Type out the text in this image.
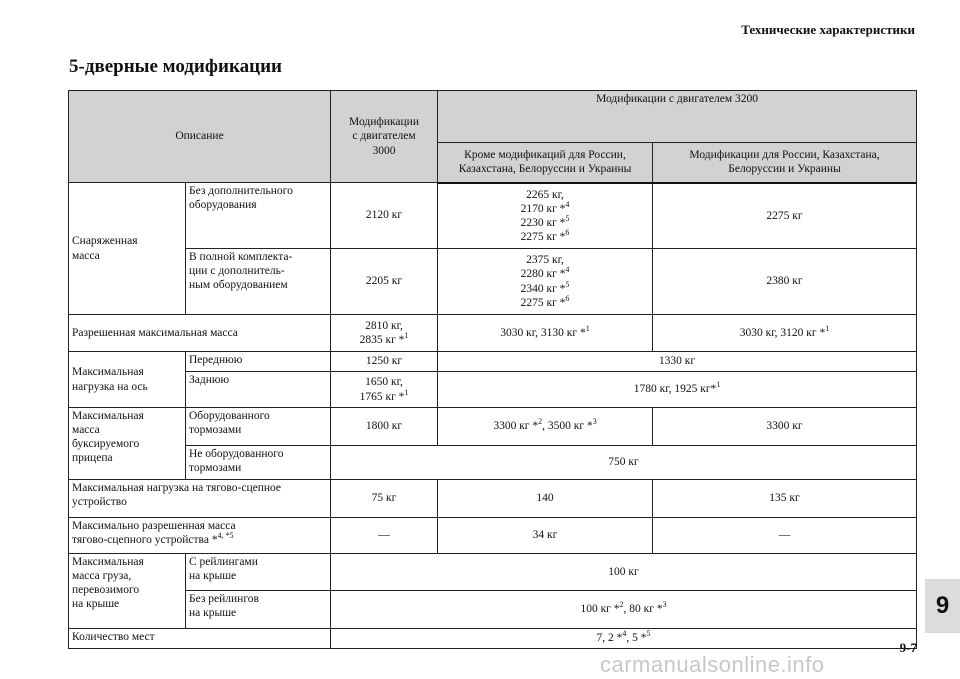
Технические характеристики
5-дверные модификации
Описание		Модификации
с двигателем
3000	Модификации с двигателем 3200	

			Кроме модификаций для России,
Казахстана, Белоруссии и Украины	Модификации для России, Казахстана,
Белоруссии и Украины

Снаряженная
масса	Без дополнительного
оборудования	2120 кг	2265 кг,
2170 кг *$^4$
2230 кг *$^5$
2275 кг *$^6$	2275 кг

	В полной комплекта-
ции с дополнитель-
ным оборудованием	2205 кг	2375 кг,
2280 кг *$^4$
2340 кг *$^5$
2275 кг *$^6$	2380 кг
Разрешенная максимальная масса		2810 кг,
2835 кг *$^1$	3030 кг, 3130 кг *$^1$	3030 кг, 3120 кг *$^1$

Максимальная
нагрузка на ось	Переднюю	1250 кг	1330 кг	
	Заднюю	1650 кг,
1765 кг *$^1$	1780 кг, 1925 кг*$^1$

Максимальная
масса
буксируемого
прицепа	Оборудованного
тормозами	1800 кг	3300 кг *$^2$, 3500 кг *$^3$	3300 кг

	Не оборудованного
тормозами	750 кг		

Максимальная нагрузка на тягово-сцепное
устройство		75 кг	140	135 кг

Максимально разрешенная масса
тягово-сцепного устройства *$^{4, *5}$		—	34 кг	—

Максимальная
масса груза,
перевозимого
на крыше	С рейлингами
на крыше	100 кг		

	Без рейлингов
на крыше	100 кг *$^2$, 80 кг *$^3$
Количество мест		7, 2 *$^4$, 5 *$^5$
9
9-7
carmanualsonline.info
